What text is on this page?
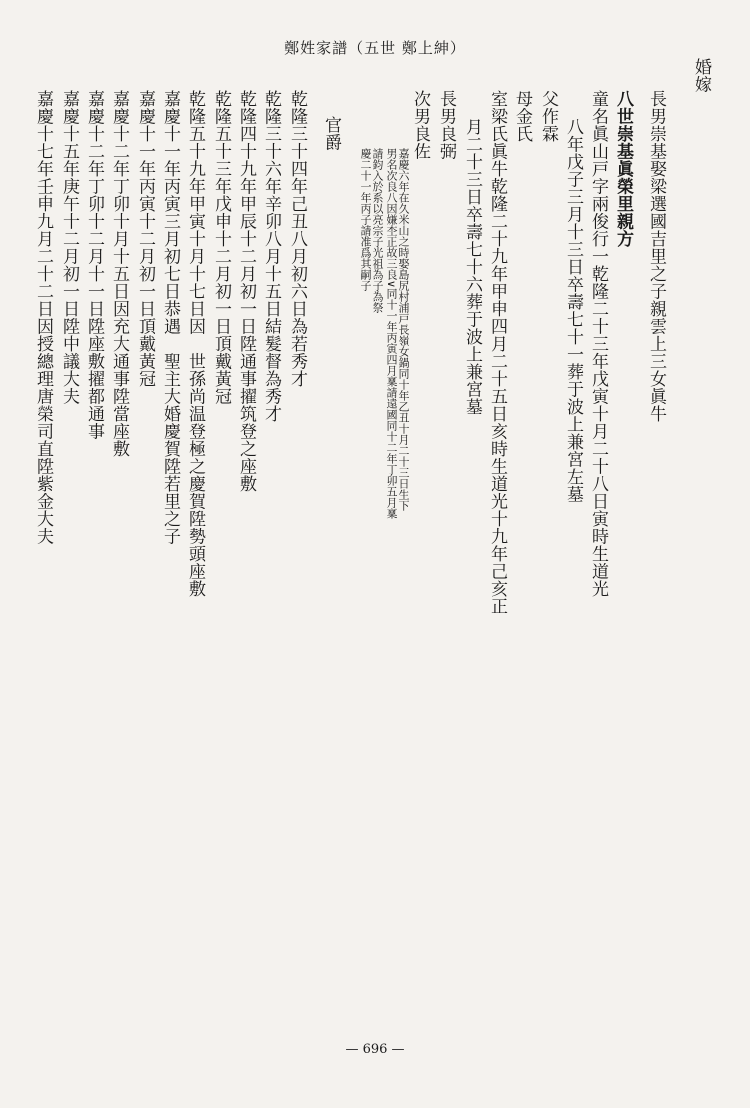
鄭姓家譜（五世 鄭上紳）
婚嫁
長男崇基娶梁選國吉里之子親雲上三女眞牛
八世崇基眞榮里親方
童名眞山戸字兩俊行一乾隆二十三年戊寅十月二十八日寅時生道光
八年戊子三月十三日卒壽七十一葬于波上兼宮左墓
父作霖
母金氏
室梁氏眞牛乾隆二十九年甲申四月二十五日亥時生道光十九年己亥正
月二十三日卒壽七十六葬于波上兼宮墓
長男良弼
次男良佐
嘉慶六年在久米山之時娶島尻村浦戸長嶺女鍋同十年乙丑十月二十三日生下
男名次良八因嫌杢正故三良∨同十一年丙寅四月稟請遠國同十二年丁卯五月稟
請鈞入於系以亮宗子光祖為子為祭
慶二十一年丙子請准爲其嗣子
官爵
乾隆三十四年己丑八月初六日為若秀才
乾隆三十六年辛卯八月十五日結髮督為秀才
乾隆四十九年甲辰十二月初一日陞通事擢筑登之座敷
乾隆五十三年戊申十二月初一日頂戴黃冠
乾隆五十九年甲寅十月十七日因　世孫尚温登極之慶賀陞勢頭座敷
嘉慶十一年丙寅三月初七日恭遇　聖主大婚慶賀陞若里之子
嘉慶十一年丙寅十二月初一日頂戴黃冠
嘉慶十二年丁卯十月十五日因充大通事陞當座敷
嘉慶十二年丁卯十二月十一日陞座敷擢都通事
嘉慶十五年庚午十二月初一日陞中議大夫
嘉慶十七年壬申九月二十二日因授總理唐榮司直陞紫金大夫
— 696 —
